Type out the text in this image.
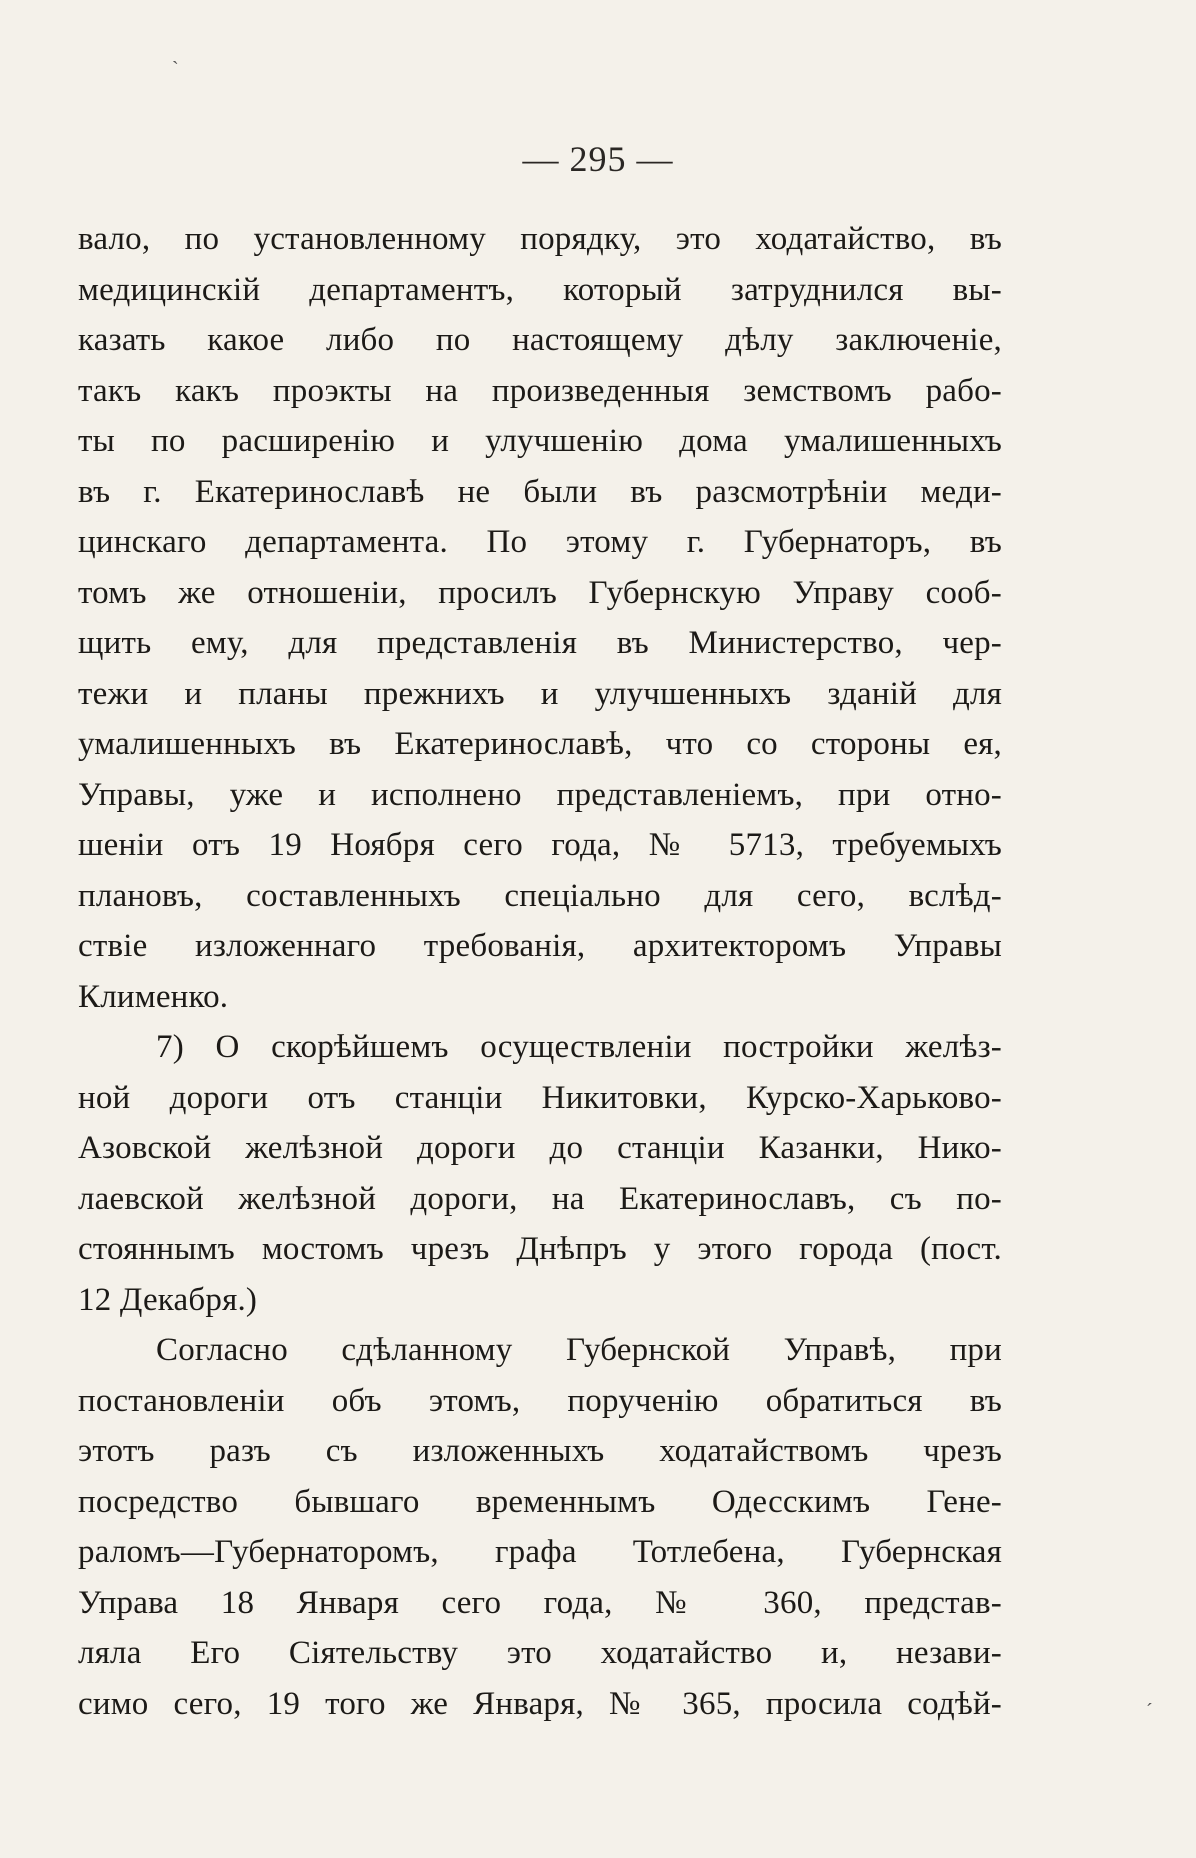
ˋ
— 295 —
вало, по установленному порядку, это ходатайство, въ
медицинскій департаментъ, который затруднился вы-
казать какое либо по настоящему дѣлу заключеніе,
такъ какъ проэкты на произведенныя земствомъ рабо-
ты по расширенію и улучшенію дома умалишенныхъ
въ г. Екатеринославѣ не были въ разсмотрѣніи меди-
цинскаго департамента. По этому г. Губернаторъ, въ
томъ же отношеніи, просилъ Губернскую Управу сооб-
щить ему, для представленія въ Министерство, чер-
тежи и планы прежнихъ и улучшенныхъ зданій для
умалишенныхъ въ Екатеринославѣ, что со стороны ея,
Управы, уже и исполнено представленіемъ, при отно-
шеніи отъ 19 Ноября сего года, № 5713, требуемыхъ
плановъ, составленныхъ спеціально для сего, вслѣд-
ствіе изложеннаго требованія, архитекторомъ Управы
Клименко.
7) О скорѣйшемъ осуществленіи постройки желѣз-
ной дороги отъ станціи Никитовки, Курско-Харьково-
Азовской желѣзной дороги до станціи Казанки, Нико-
лаевской желѣзной дороги, на Екатеринославъ, съ по-
стояннымъ мостомъ чрезъ Днѣпръ у этого города (пост.
12 Декабря.)
Согласно сдѣланному Губернской Управѣ, при
постановленіи объ этомъ, порученію обратиться въ
этотъ разъ съ изложенныхъ ходатайствомъ чрезъ
посредство бывшаго временнымъ Одесскимъ Гене-
раломъ—Губернаторомъ, графа Тотлебена, Губернская
Управа 18 Января сего года, № 360, представ-
ляла Его Сіятельству это ходатайство и, незави-
симо сего, 19 того же Января, № 365, просила содѣй-	ˊ
